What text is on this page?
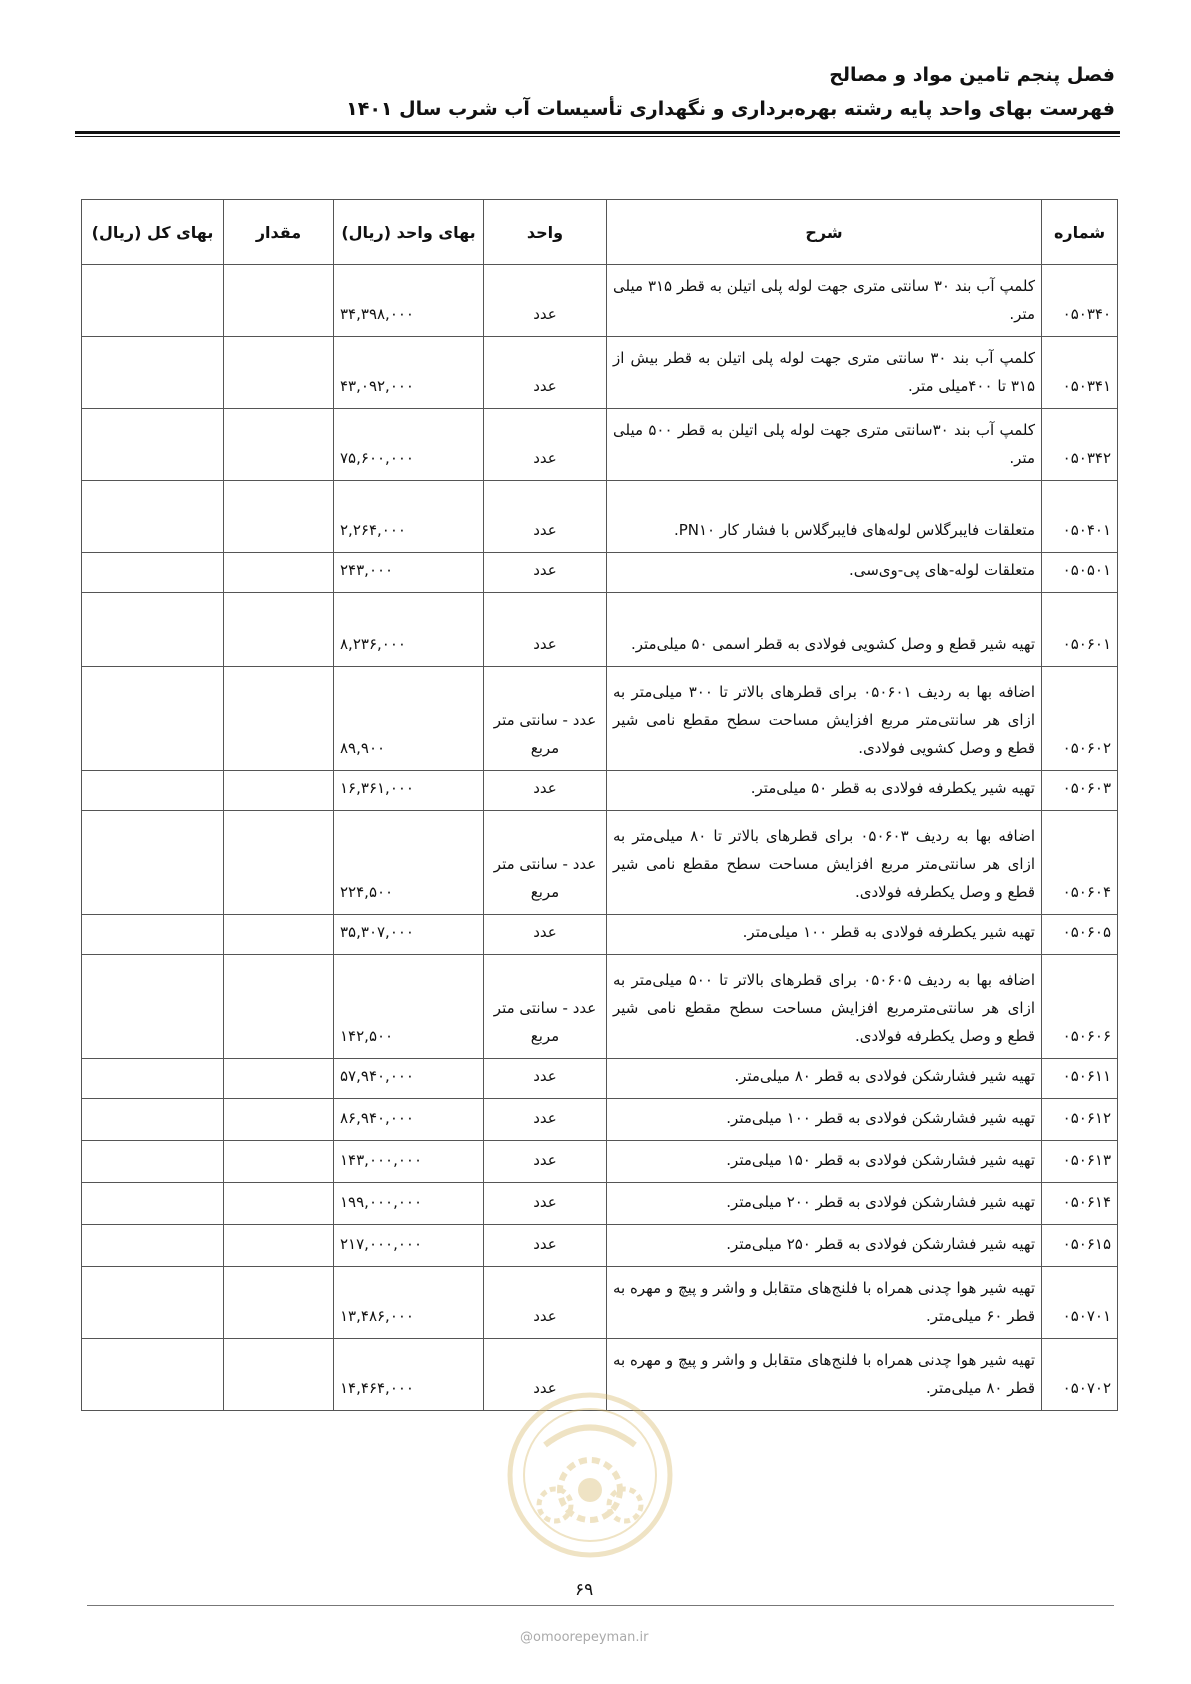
فصل پنجم تامین مواد و مصالح
فهرست بهای واحد پایه رشته بهره‌برداری و نگهداری تأسیسات آب شرب سال ۱۴۰۱
شماره	شرح	واحد	بهای واحد (ریال)	مقدار	بهای کل (ریال)
۰۵۰۳۴۰	کلمپ آب بند ۳۰ سانتی متری جهت لوله پلی اتیلن به قطر ۳۱۵ میلی متر.	عدد	۳۴,۳۹۸,۰۰۰		
۰۵۰۳۴۱	کلمپ آب بند ۳۰ سانتی متری جهت لوله پلی اتیلن به قطر بیش از ۳۱۵ تا ۴۰۰میلی متر.	عدد	۴۳,۰۹۲,۰۰۰		
۰۵۰۳۴۲	کلمپ آب بند ۳۰سانتی متری جهت لوله پلی اتیلن به قطر ۵۰۰ میلی متر.	عدد	۷۵,۶۰۰,۰۰۰		
۰۵۰۴۰۱	متعلقات فایبرگلاس لوله‌های فایبرگلاس با فشار کار PN۱۰.	عدد	۲,۲۶۴,۰۰۰		
۰۵۰۵۰۱	متعلقات لوله-های پی-وی‌سی.	عدد	۲۴۳,۰۰۰		
۰۵۰۶۰۱	تهیه شیر قطع و وصل کشویی فولادی به قطر اسمی ۵۰ میلی‌متر.	عدد	۸,۲۳۶,۰۰۰		
۰۵۰۶۰۲	اضافه بها به ردیف ۰۵۰۶۰۱ برای قطرهای بالاتر تا ۳۰۰ میلی‌متر به ازای هر سانتی‌متر مربع افزایش مساحت سطح مقطع نامی شیر قطع و وصل کشویی فولادی.	عدد - سانتی متر مربع	۸۹,۹۰۰		
۰۵۰۶۰۳	تهیه شیر یکطرفه فولادی به قطر ۵۰ میلی‌متر.	عدد	۱۶,۳۶۱,۰۰۰		
۰۵۰۶۰۴	اضافه بها به ردیف ۰۵۰۶۰۳ برای قطرهای بالاتر تا ۸۰ میلی‌متر به ازای هر سانتی‌متر مربع افزایش مساحت سطح مقطع نامی شیر قطع و وصل یکطرفه فولادی.	عدد - سانتی متر مربع	۲۲۴,۵۰۰		
۰۵۰۶۰۵	تهیه شیر یکطرفه فولادی به قطر ۱۰۰ میلی‌متر.	عدد	۳۵,۳۰۷,۰۰۰		
۰۵۰۶۰۶	اضافه بها به ردیف ۰۵۰۶۰۵ برای قطرهای بالاتر تا ۵۰۰ میلی‌متر به ازای هر سانتی‌مترمربع افزایش مساحت سطح مقطع نامی شیر قطع و وصل یکطرفه فولادی.	عدد - سانتی متر مربع	۱۴۲,۵۰۰		
۰۵۰۶۱۱	تهیه شیر فشارشکن فولادی به قطر ۸۰ میلی‌متر.	عدد	۵۷,۹۴۰,۰۰۰		
۰۵۰۶۱۲	تهیه شیر فشارشکن فولادی به قطر ۱۰۰ میلی‌متر.	عدد	۸۶,۹۴۰,۰۰۰		
۰۵۰۶۱۳	تهیه شیر فشارشکن فولادی به قطر ۱۵۰ میلی‌متر.	عدد	۱۴۳,۰۰۰,۰۰۰		
۰۵۰۶۱۴	تهیه شیر فشارشکن فولادی به قطر ۲۰۰ میلی‌متر.	عدد	۱۹۹,۰۰۰,۰۰۰		
۰۵۰۶۱۵	تهیه شیر فشارشکن فولادی به قطر ۲۵۰ میلی‌متر.	عدد	۲۱۷,۰۰۰,۰۰۰		
۰۵۰۷۰۱	تهیه شیر هوا چدنی همراه با فلنج‌های متقابل و واشر و پیچ و مهره به قطر ۶۰ میلی‌متر.	عدد	۱۳,۴۸۶,۰۰۰		
۰۵۰۷۰۲	تهیه شیر هوا چدنی همراه با فلنج‌های متقابل و واشر و پیچ و مهره به قطر ۸۰ میلی‌متر.	عدد	۱۴,۴۶۴,۰۰۰		
۶۹
@omoorepeyman.ir
